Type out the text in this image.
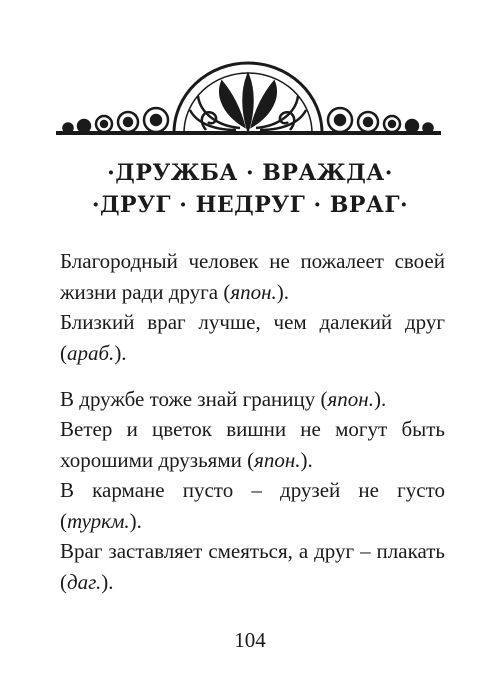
·ДРУЖБА · ВРАЖДА·
·ДРУГ · НЕДРУГ · ВРАГ·

Благородный человек не пожалеет своей жизни ради друга (япон.).

Близкий враг лучше, чем далекий друг (араб.).

В дружбе тоже знай границу (япон.).

Ветер и цветок вишни не могут быть хорошими друзьями (япон.).

В кармане пусто – друзей не густо (туркм.).

Враг заставляет смеяться, а друг – плакать (даг.).

104
